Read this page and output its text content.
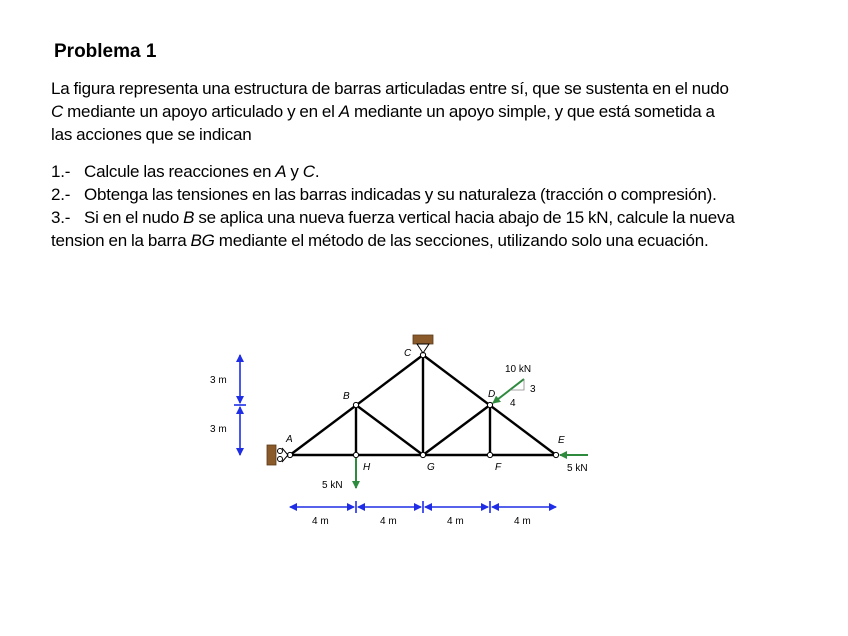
Problema 1
La figura representa una estructura de barras articuladas entre sí, que se sustenta en el nudo
C mediante un apoyo articulado y en el A mediante un apoyo simple, y que está sometida a
las acciones que se indican
1.- Calcule las reacciones en A y C.
2.- Obtenga las tensiones en las barras indicadas y su naturaleza (tracción o compresión).
3.- Si en el nudo B se aplica una nueva fuerza vertical hacia abajo de 15 kN, calcule la nueva
tension en la barra BG mediante el método de las secciones, utilizando solo una ecuación.
A
B
C
D
E
F
G
H
3 m
3 m
4 m	4 m	4 m	4 m
10 kN
3
4
5 kN
5 kN
